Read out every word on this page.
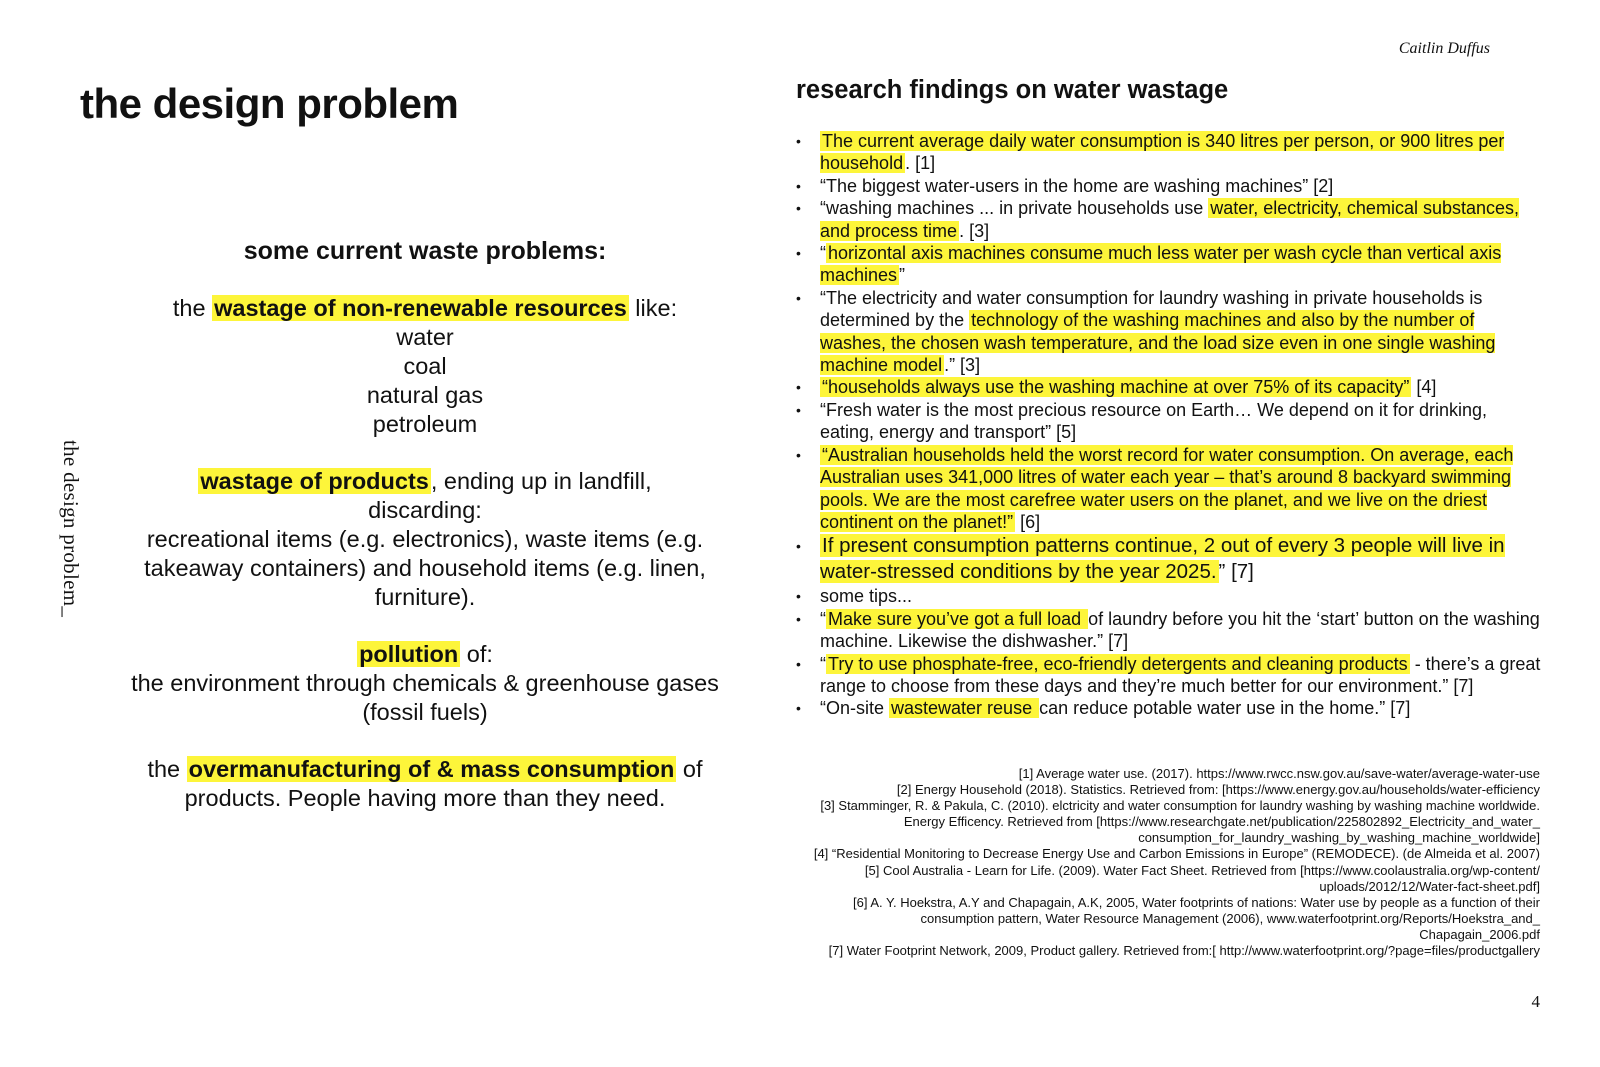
Caitlin Duffus
the design problem
the design problem_
some current waste problems:
the wastage of non-renewable resources like:
water
coal
natural gas
petroleum
wastage of products, ending up in landfill,
discarding:
recreational items (e.g. electronics), waste items (e.g. takeaway containers) and household items (e.g. linen, furniture).
pollution of:
the environment through chemicals & greenhouse gases (fossil fuels)
the overmanufacturing of & mass consumption of products. People having more than they need.
research findings on water wastage
• The current average daily water consumption is 340 litres per person, or 900 litres per household . [1]
• “The biggest water-users in the home are washing machines” [2]
• “washing machines ... in private households use water, electricity, chemical substances, and process time . [3]
• “ horizontal axis machines consume much less water per wash cycle than vertical axis machines ”
• “The electricity and water consumption for laundry washing in private households is determined by the technology of the washing machines and also by the number of washes, the chosen wash temperature, and the load size even in one single washing machine model .” [3]
• “households always use the washing machine at over 75% of its capacity” [4]
• “Fresh water is the most precious resource on Earth… We depend on it for drinking, eating, energy and transport” [5]
• “Australian households held the worst record for water consumption. On average, each Australian uses 341,000 litres of water each year – that’s around 8 backyard swimming pools. We are the most carefree water users on the planet, and we live on the driest continent on the planet!” [6]
• If present consumption patterns continue, 2 out of every 3 people will live in water-stressed conditions by the year 2025.” [7]
• some tips...
• “ Make sure you’ve got a full load of laundry before you hit the ‘start’ button on the washing machine. Likewise the dishwasher.” [7]
• “ Try to use phosphate-free, eco-friendly detergents and cleaning products - there’s a great range to choose from these days and they’re much better for our environment.” [7]
• “On-site wastewater reuse can reduce potable water use in the home.” [7]
[1] Average water use. (2017). https://www.rwcc.nsw.gov.au/save-water/average-water-use
[2] Energy Household (2018). Statistics. Retrieved from: [https://www.energy.gov.au/households/water-efficiency
[3] Stamminger, R. & Pakula, C. (2010). elctricity and water consumption for laundry washing by washing machine worldwide. Energy Efficency. Retrieved from [https://www.researchgate.net/publication/225802892_Electricity_and_water_ consumption_for_laundry_washing_by_washing_machine_worldwide]
[4] “Residential Monitoring to Decrease Energy Use and Carbon Emissions in Europe” (REMODECE). (de Almeida et al. 2007)
[5] Cool Australia - Learn for Life. (2009). Water Fact Sheet. Retrieved from [https://www.coolaustralia.org/wp-content/ uploads/2012/12/Water-fact-sheet.pdf]
[6] A. Y. Hoekstra, A.Y and Chapagain, A.K, 2005, Water footprints of nations: Water use by people as a function of their consumption pattern, Water Resource Management (2006), www.waterfootprint.org/Reports/Hoekstra_and_ Chapagain_2006.pdf
[7] Water Footprint Network, 2009, Product gallery. Retrieved from:[ http://www.waterfootprint.org/?page=files/productgallery
4
